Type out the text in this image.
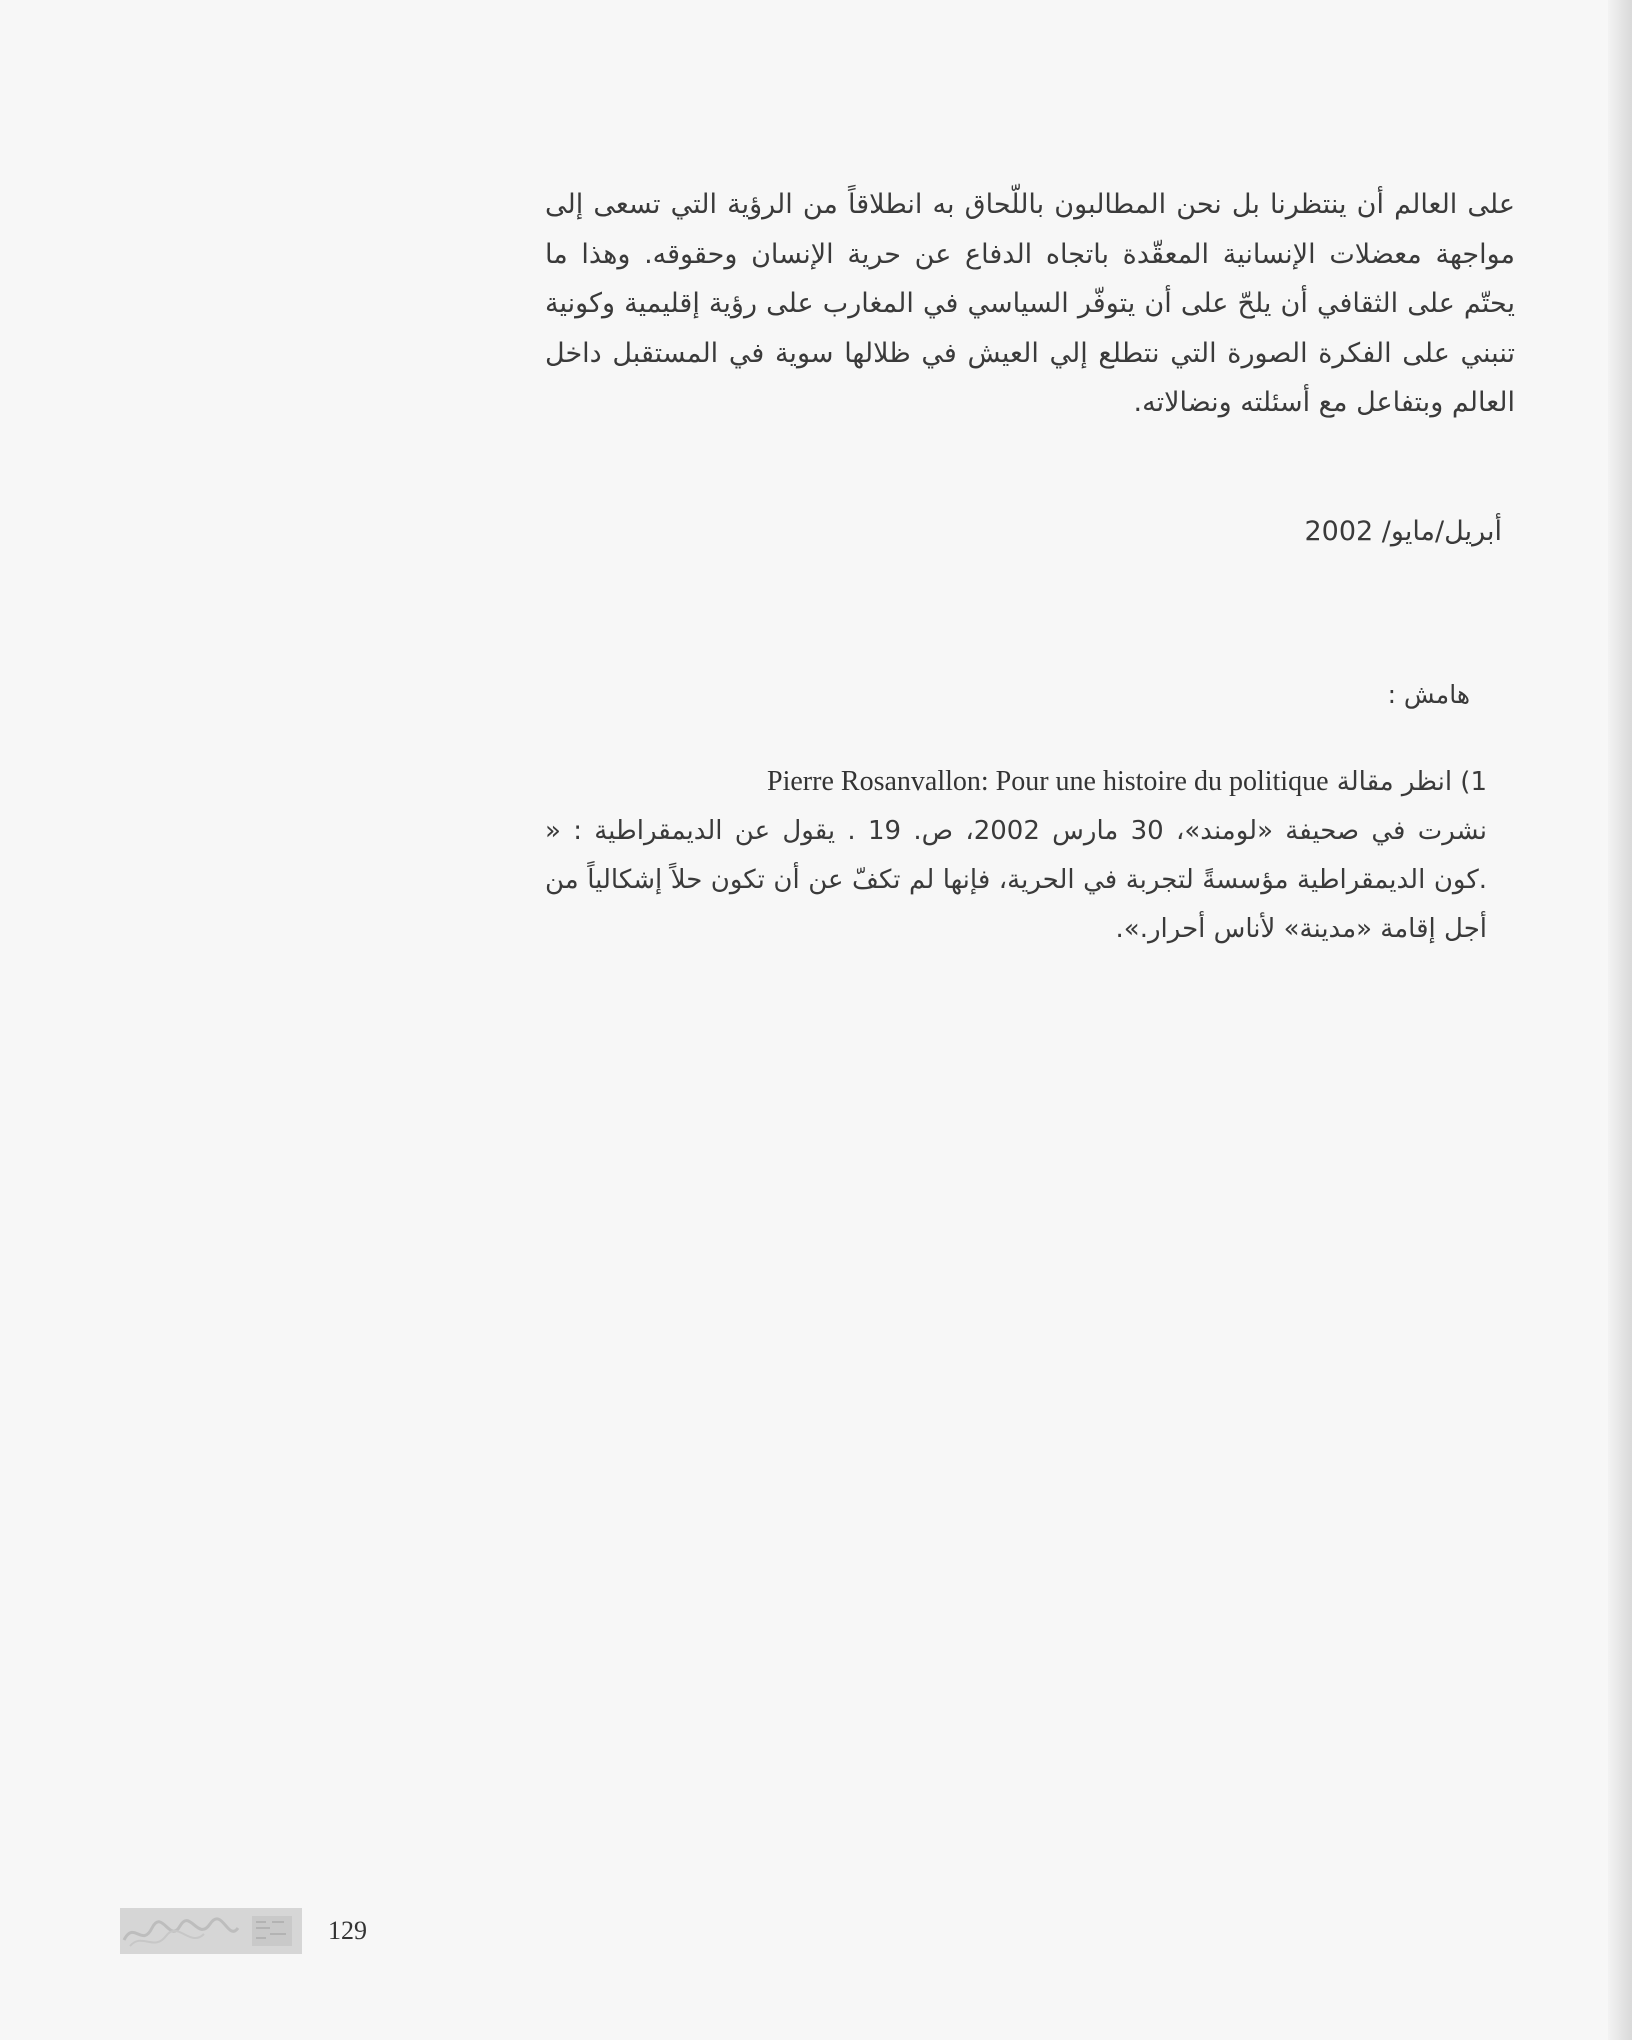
على العالم أن ينتظرنا بل نحن المطالبون باللّحاق به انطلاقاً من الرؤية التي تسعى إلى مواجهة معضلات الإنسانية المعقّدة باتجاه الدفاع عن حرية الإنسان وحقوقه. وهذا ما يحتّم على الثقافي أن يلحّ على أن يتوفّر السياسي في المغارب على رؤية إقليمية وكونية تنبني على الفكرة الصورة التي نتطلع إلي العيش في ظلالها سوية في المستقبل داخل العالم وبتفاعل مع أسئلته ونضالاته.

أبريل/مايو/ 2002
هامش :
1) انظر مقالة Pierre Rosanvallon: Pour une histoire du politique
نشرت في صحيفة «لومند»، 30 مارس 2002، ص. 19 . يقول عن الديمقراطية : « .كون الديمقراطية مؤسسةً لتجربة في الحرية، فإنها لم تكفّ عن أن تكون حلاً إشكالياً من أجل إقامة «مدينة» لأناس أحرار.».
129
